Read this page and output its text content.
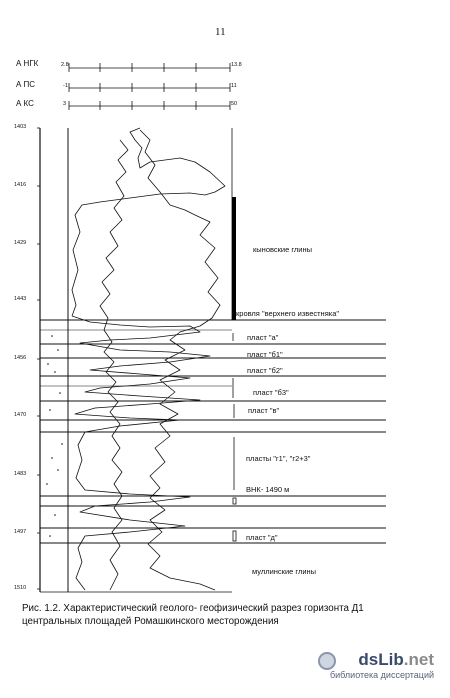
11
А НГК	2.8	13.8
А ПС	-1	11
А КС	3	50
1403
1416
1429
1443
1456
1470
1483
1497
1510
кыновские глины
кровля "верхнего известняка"
пласт "а"
пласт "б1"
пласт "б2"
пласт "б3"
пласт "в"
пласты "г1", "г2+3"
ВНК- 1490 м
пласт "д"
муллинские глины
Рис. 1.2. Характеристический геолого- геофизический разрез горизонта Д1
центральных площадей Ромашкинского месторождения
dsLib.net
библиотека диссертаций
